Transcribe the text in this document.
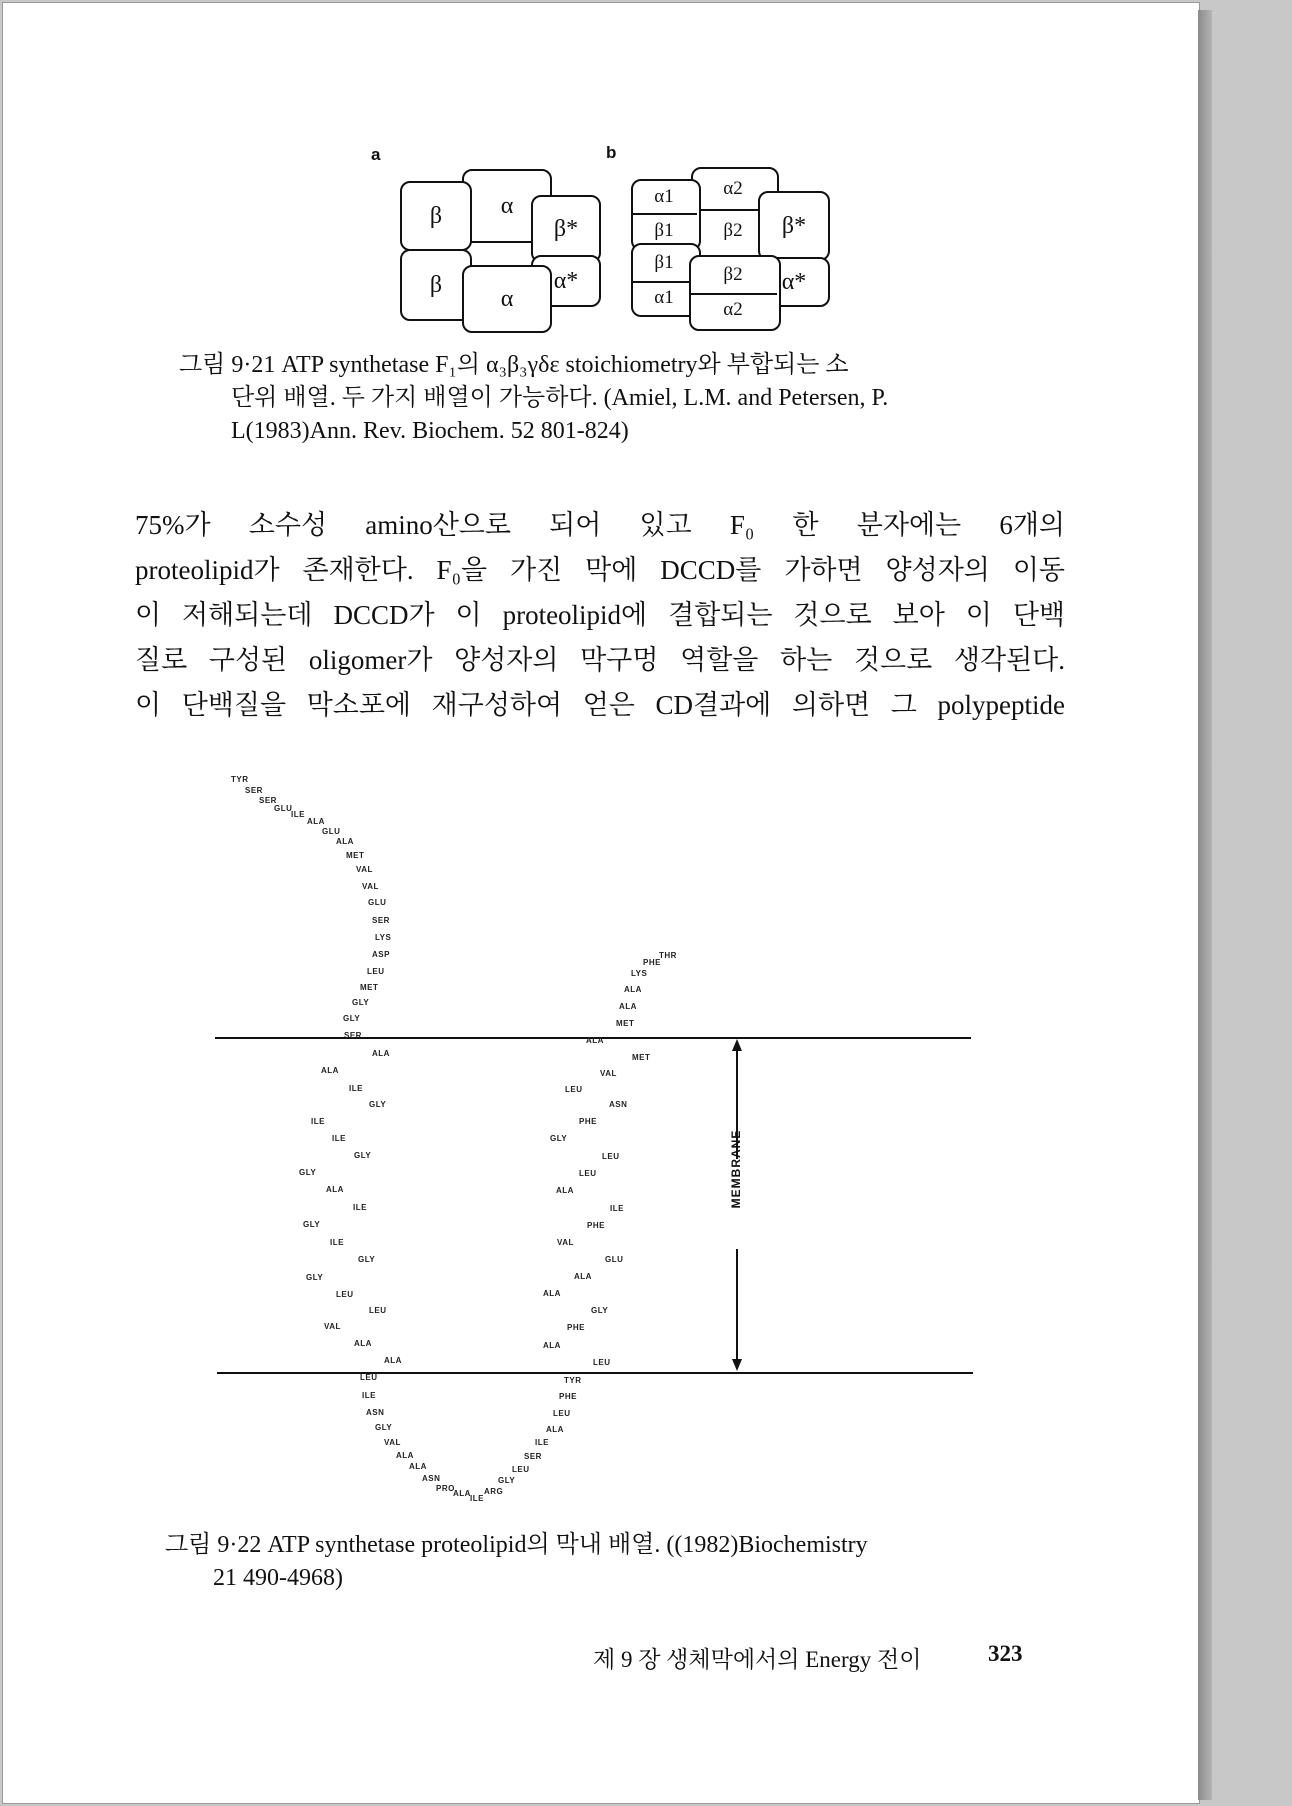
a	b
α
β	β*
α*
β
α
α2
β2
α1
β1	β*
α*
β1
α1
β2
α2
그림 9·21 ATP synthetase F₁의 α₃β₃γδε stoichiometry와 부합되는 소
단위 배열. 두 가지 배열이 가능하다. (Amiel, L.M. and Petersen, P.
L(1983)Ann. Rev. Biochem. 52 801-824)
75%가 소수성 amino산으로 되어 있고 F₀ 한 분자에는 6개의
proteolipid가 존재한다. F₀을 가진 막에 DCCD를 가하면 양성자의 이동
이 저해되는데 DCCD가 이 proteolipid에 결합되는 것으로 보아 이 단백
질로 구성된 oligomer가 양성자의 막구멍 역할을 하는 것으로 생각된다.
이 단백질을 막소포에 재구성하여 얻은 CD결과에 의하면 그 polypeptide
MEMBRANE
TYR
SER
SER
GLU
ILE
ALA
GLU
ALA
MET
VAL
VAL
GLU
SER
LYS
ASP
LEU
MET
GLY
GLY
SER
ALA
ALA
ILE
GLY
ILE
ILE
GLY
GLY
ALA
ILE
GLY
ILE
GLY
GLY
LEU
LEU
VAL
ALA
ALA
LEU
ILE
ASN
GLY
VAL
ALA
ALA
ASN
PRO
ALA
ILE
ARG
GLY
LEU
SER
ILE
ALA
LEU
PHE
TYR
LEU
ALA
PHE
GLY
ALA
ALA
GLU
VAL
PHE
ILE
ALA
LEU
LEU
GLY
PHE
ASN
LEU
VAL
MET
ALA
MET
ALA
ALA
LYS
PHE
THR
그림 9·22 ATP synthetase proteolipid의 막내 배열. ((1982)Biochemistry
21 490-4968)
제 9 장 생체막에서의 Energy 전이	323
